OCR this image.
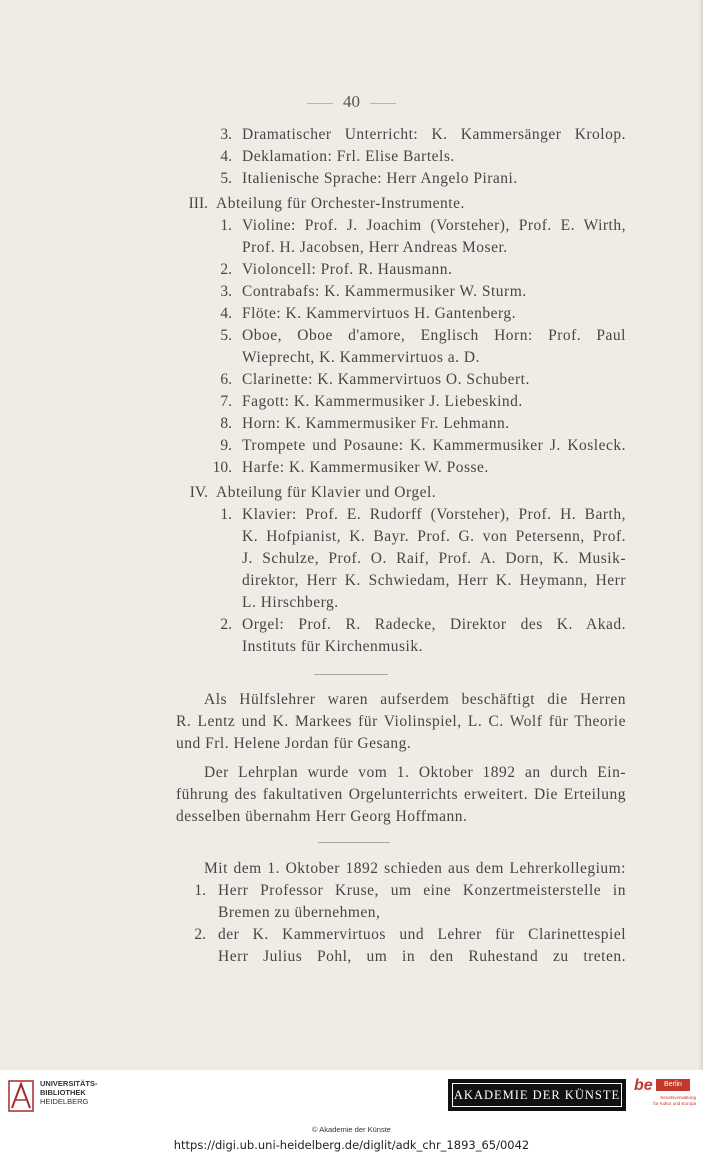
40
3. Dramatischer Unterricht: K. Kammersänger Krolop.
4. Deklamation: Frl. Elise Bartels.
5. Italienische Sprache: Herr Angelo Pirani.
III. Abteilung für Orchester-Instrumente.
1. Violine: Prof. J. Joachim (Vorsteher), Prof. E. Wirth,
Prof. H. Jacobsen, Herr Andreas Moser.
2. Violoncell: Prof. R. Hausmann.
3. Contrabafs: K. Kammermusiker W. Sturm.
4. Flöte: K. Kammervirtuos H. Gantenberg.
5. Oboe, Oboe d'amore, Englisch Horn: Prof. Paul
Wieprecht, K. Kammervirtuos a. D.
6. Clarinette: K. Kammervirtuos O. Schubert.
7. Fagott: K. Kammermusiker J. Liebeskind.
8. Horn: K. Kammermusiker Fr. Lehmann.
9. Trompete und Posaune: K. Kammermusiker J. Kosleck.
10. Harfe: K. Kammermusiker W. Posse.
IV. Abteilung für Klavier und Orgel.
1. Klavier: Prof. E. Rudorff (Vorsteher), Prof. H. Barth,
K. Hofpianist, K. Bayr. Prof. G. von Petersenn, Prof.
J. Schulze, Prof. O. Raif, Prof. A. Dorn, K. Musik-
direktor, Herr K. Schwiedam, Herr K. Heymann, Herr
L. Hirschberg.
2. Orgel: Prof. R. Radecke, Direktor des K. Akad.
Instituts für Kirchenmusik.
Als Hülfslehrer waren aufserdem beschäftigt die Herren
R. Lentz und K. Markees für Violinspiel, L. C. Wolf für Theorie
und Frl. Helene Jordan für Gesang.
Der Lehrplan wurde vom 1. Oktober 1892 an durch Ein-
führung des fakultativen Orgelunterrichts erweitert. Die Erteilung
desselben übernahm Herr Georg Hoffmann.
Mit dem 1. Oktober 1892 schieden aus dem Lehrerkollegium:
1. Herr Professor Kruse, um eine Konzertmeisterstelle in
Bremen zu übernehmen,
2. der K. Kammervirtuos und Lehrer für Clarinettespiel
Herr Julius Pohl, um in den Ruhestand zu treten.
UNIVERSITÄTS-
BIBLIOTHEK
HEIDELBERG	AKADEMIE DER KÜNSTE
be	Berlin
Senatsverwaltung
für Kultur und Europa
© Akademie der Künste
https://digi.ub.uni-heidelberg.de/diglit/adk_chr_1893_65/0042
